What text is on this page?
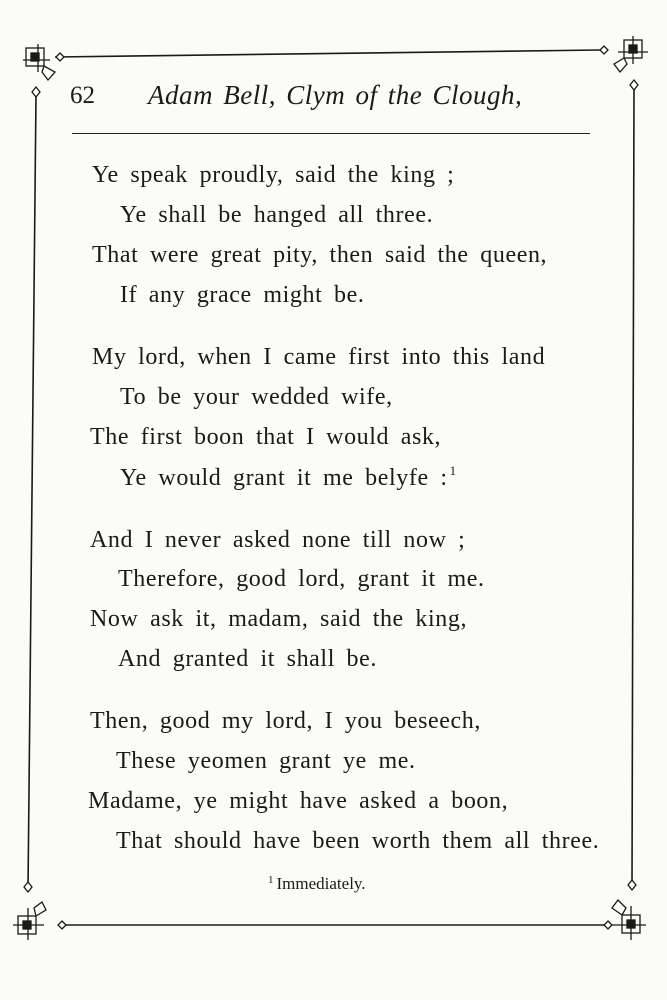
62 Adam Bell, Clym of the Clough,
Ye speak proudly, said the king ;
Ye shall be hanged all three.
That were great pity, then said the queen,
If any grace might be.
My lord, when I came first into this land
To be your wedded wife,
The first boon that I would ask,
Ye would grant it me belyfe : $^1$
And I never asked none till now ;
Therefore, good lord, grant it me.
Now ask it, madam, said the king,
And granted it shall be.
Then, good my lord, I you beseech,
These yeomen grant ye me.
Madame, ye might have asked a boon,
That should have been worth them all three.
$^1$ Immediately.
